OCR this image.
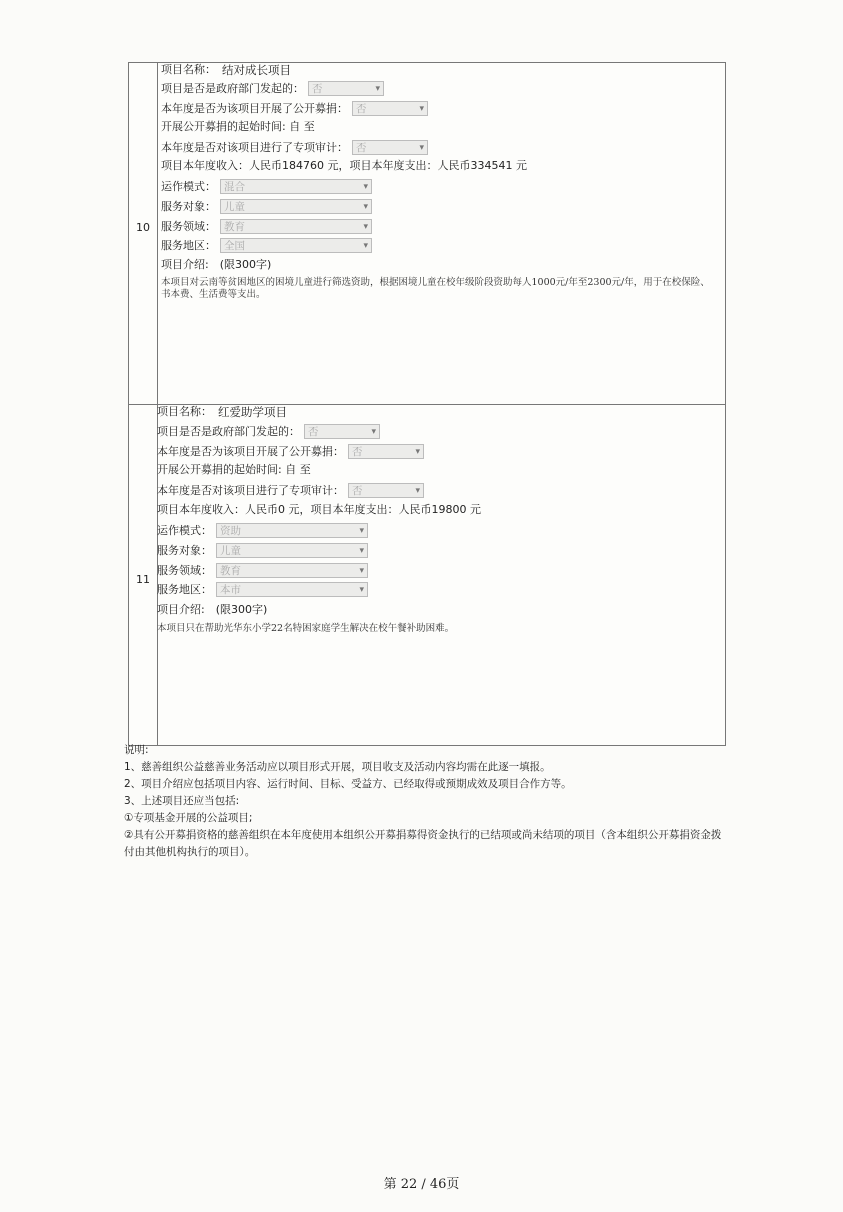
10
项目名称： 结对成长项目
项目是否是政府部门发起的： 否	▾
本年度是否为该项目开展了公开募捐： 否	▾
开展公开募捐的起始时间: 自 至
本年度是否对该项目进行了专项审计： 否	▾
项目本年度收入：人民币184760 元，项目本年度支出：人民币334541 元
运作模式： 混合	▾
服务对象： 儿童	▾
服务领域： 教育	▾
服务地区： 全国	▾
项目介绍:　(限300字)
本项目对云南等贫困地区的困境儿童进行筛选资助，根据困境儿童在校年级阶段资助每人1000元/年至2300元/年，用于在校保险、书本费、生活费等支出。
11
项目名称： 红爱助学项目
项目是否是政府部门发起的： 否	▾
本年度是否为该项目开展了公开募捐： 否	▾
开展公开募捐的起始时间: 自 至
本年度是否对该项目进行了专项审计： 否	▾
项目本年度收入：人民币0 元，项目本年度支出：人民币19800 元
运作模式： 资助	▾
服务对象： 儿童	▾
服务领域： 教育	▾
服务地区： 本市	▾
项目介绍:　(限300字)
本项目只在帮助光华东小学22名特困家庭学生解决在校午餐补助困难。
说明:
1、慈善组织公益慈善业务活动应以项目形式开展，项目收支及活动内容均需在此逐一填报。
2、项目介绍应包括项目内容、运行时间、目标、受益方、已经取得或预期成效及项目合作方等。
3、上述项目还应当包括:
①专项基金开展的公益项目;
②具有公开募捐资格的慈善组织在本年度使用本组织公开募捐募得资金执行的已结项或尚未结项的项目（含本组织公开募捐资金拨付由其他机构执行的项目）。
第 22 / 46页
